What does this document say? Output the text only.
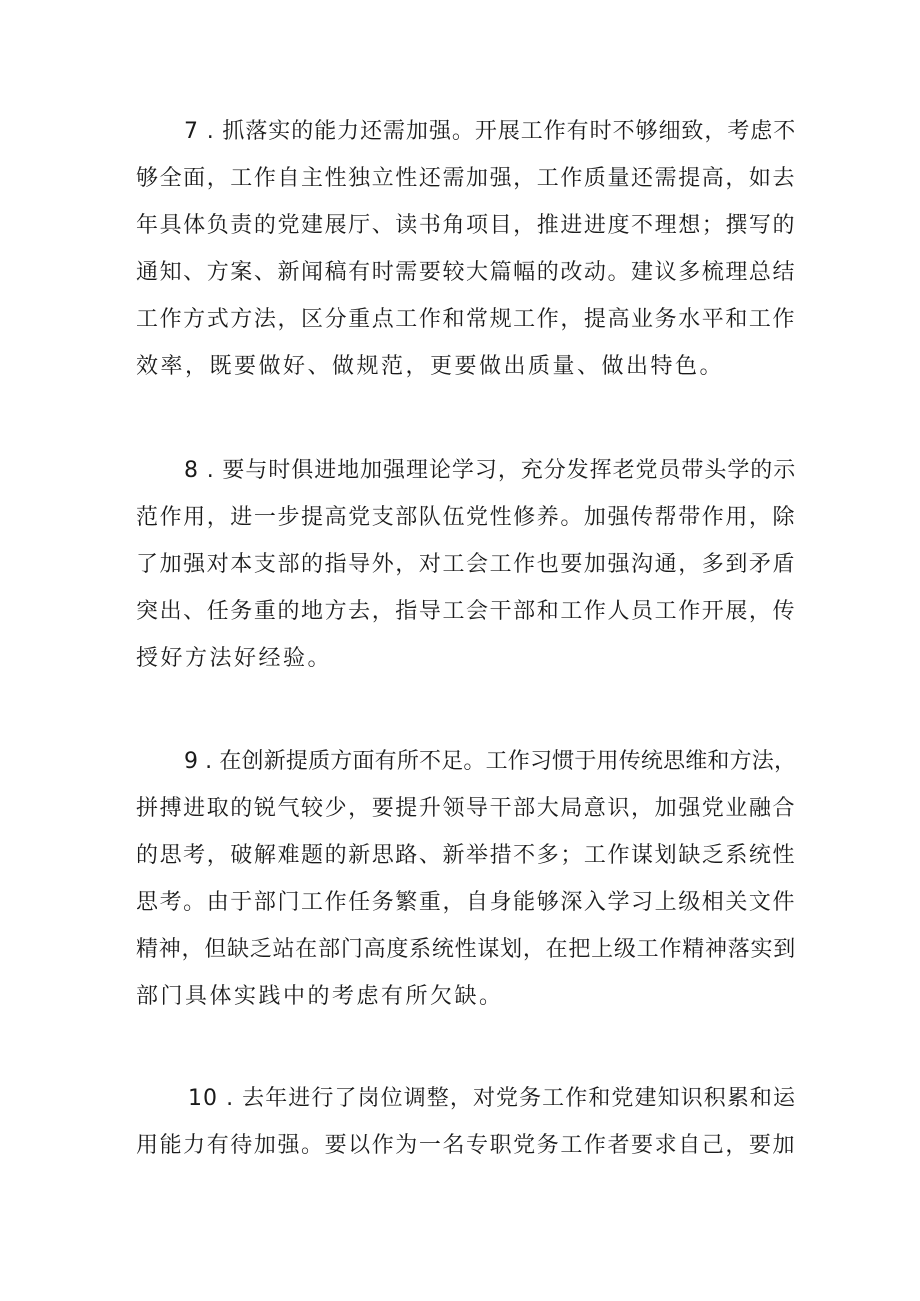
7 . 抓落实的能力还需加强。开展工作有时不够细致，考虑不
够全面，工作自主性独立性还需加强，工作质量还需提高，如去
年具体负责的党建展厅、读书角项目，推进进度不理想；撰写的
通知、方案、新闻稿有时需要较大篇幅的改动。建议多梳理总结
工作方式方法，区分重点工作和常规工作，提高业务水平和工作
效率，既要做好、做规范，更要做出质量、做出特色。
8 . 要与时俱进地加强理论学习，充分发挥老党员带头学的示
范作用，进一步提高党支部队伍党性修养。加强传帮带作用，除
了加强对本支部的指导外，对工会工作也要加强沟通，多到矛盾
突出、任务重的地方去，指导工会干部和工作人员工作开展，传
授好方法好经验。
9 . 在创新提质方面有所不足。工作习惯于用传统思维和方法，
拼搏进取的锐气较少，要提升领导干部大局意识，加强党业融合
的思考，破解难题的新思路、新举措不多；工作谋划缺乏系统性
思考。由于部门工作任务繁重，自身能够深入学习上级相关文件
精神，但缺乏站在部门高度系统性谋划，在把上级工作精神落实到
部门具体实践中的考虑有所欠缺。
10 . 去年进行了岗位调整，对党务工作和党建知识积累和运
用能力有待加强。要以作为一名专职党务工作者要求自己，要加
